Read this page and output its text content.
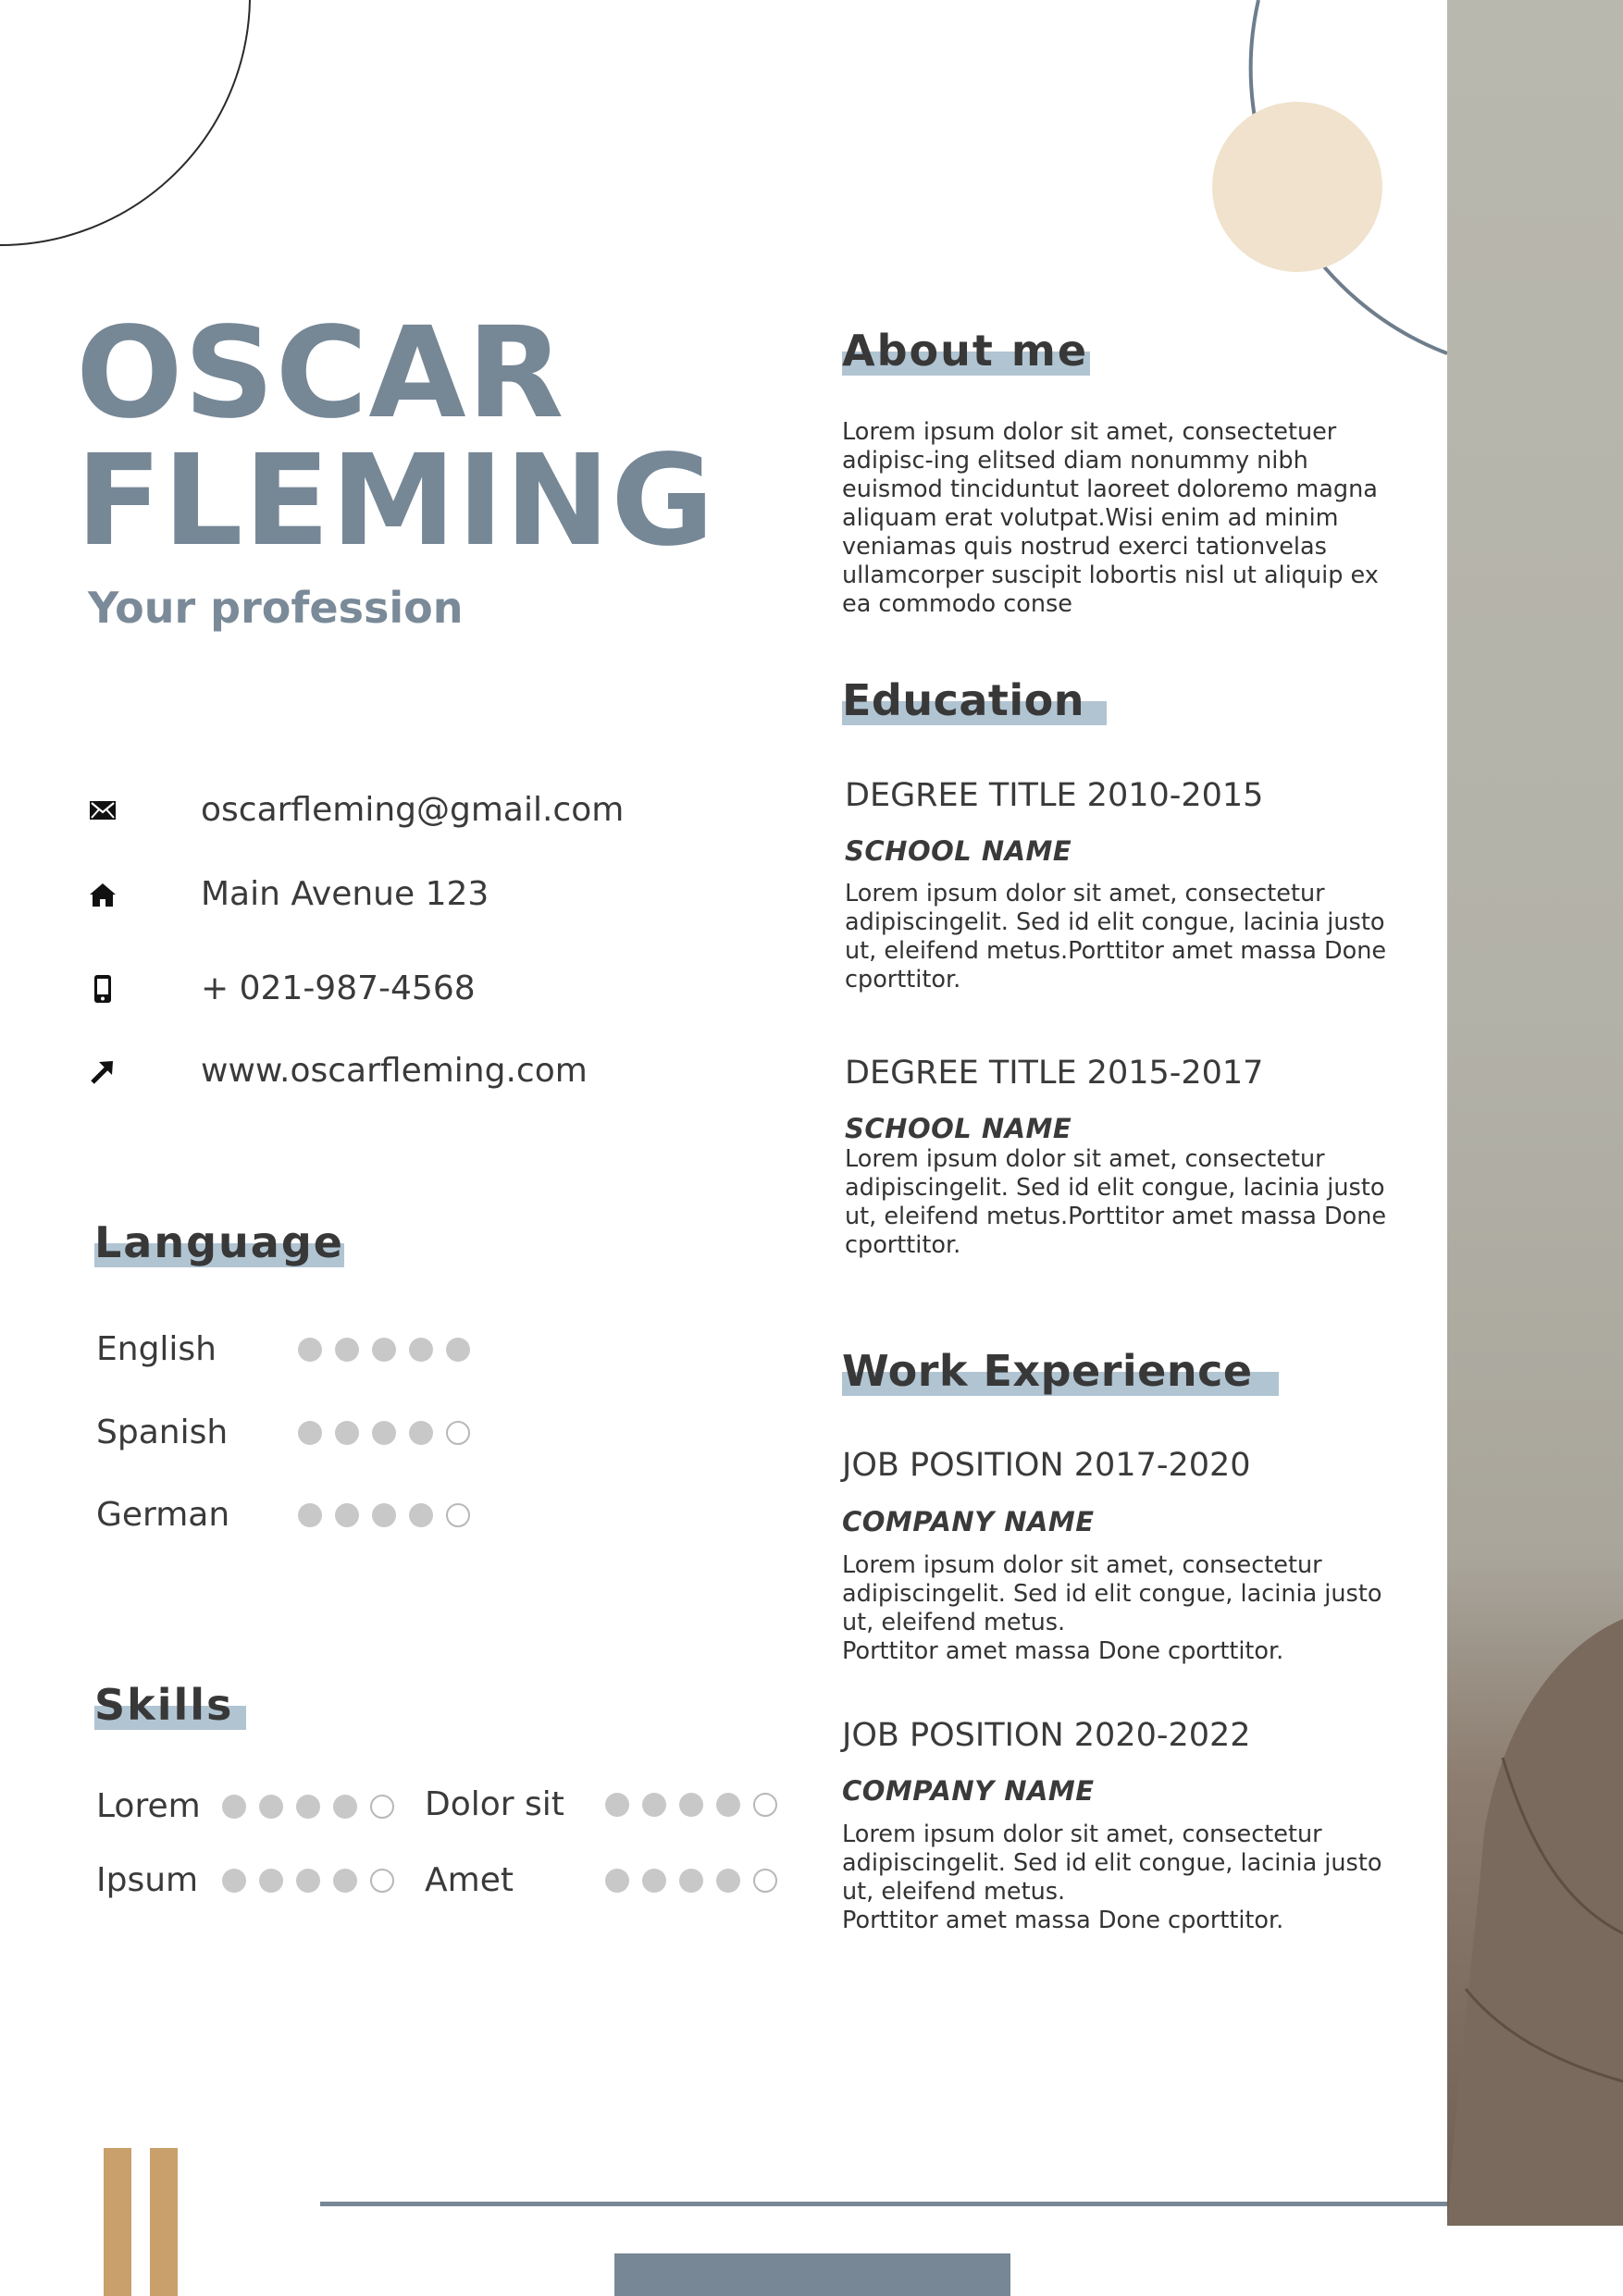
OSCAR
FLEMING
Your profession
oscarfleming@gmail.com
Main Avenue 123
+ 021-987-4568
www.oscarfleming.com
Language
English
Spanish
German
Skills
Lorem	Dolor sit
Ipsum	Amet
About me
Lorem ipsum dolor sit amet, consectetuer adipisc-ing elitsed diam nonummy nibh euismod tinciduntut laoreet doloremo magna aliquam erat volutpat.Wisi enim ad minim veniamas quis nostrud exerci tationvelas ullamcorper suscipit lobortis nisl ut aliquip ex ea commodo conse
Education
DEGREE TITLE 2010-2015
SCHOOL NAME
Lorem ipsum dolor sit amet, consectetur adipiscingelit. Sed id elit congue, lacinia justo ut, eleifend metus.Porttitor amet massa Done cporttitor.
DEGREE TITLE 2015-2017
SCHOOL NAME
Lorem ipsum dolor sit amet, consectetur adipiscingelit. Sed id elit congue, lacinia justo ut, eleifend metus.Porttitor amet massa Done cporttitor.
Work Experience
JOB POSITION 2017-2020
COMPANY NAME
Lorem ipsum dolor sit amet, consectetur adipiscingelit. Sed id elit congue, lacinia justo ut, eleifend metus.
Porttitor amet massa Done cporttitor.
JOB POSITION 2020-2022
COMPANY NAME
Lorem ipsum dolor sit amet, consectetur adipiscingelit. Sed id elit congue, lacinia justo ut, eleifend metus.
Porttitor amet massa Done cporttitor.
